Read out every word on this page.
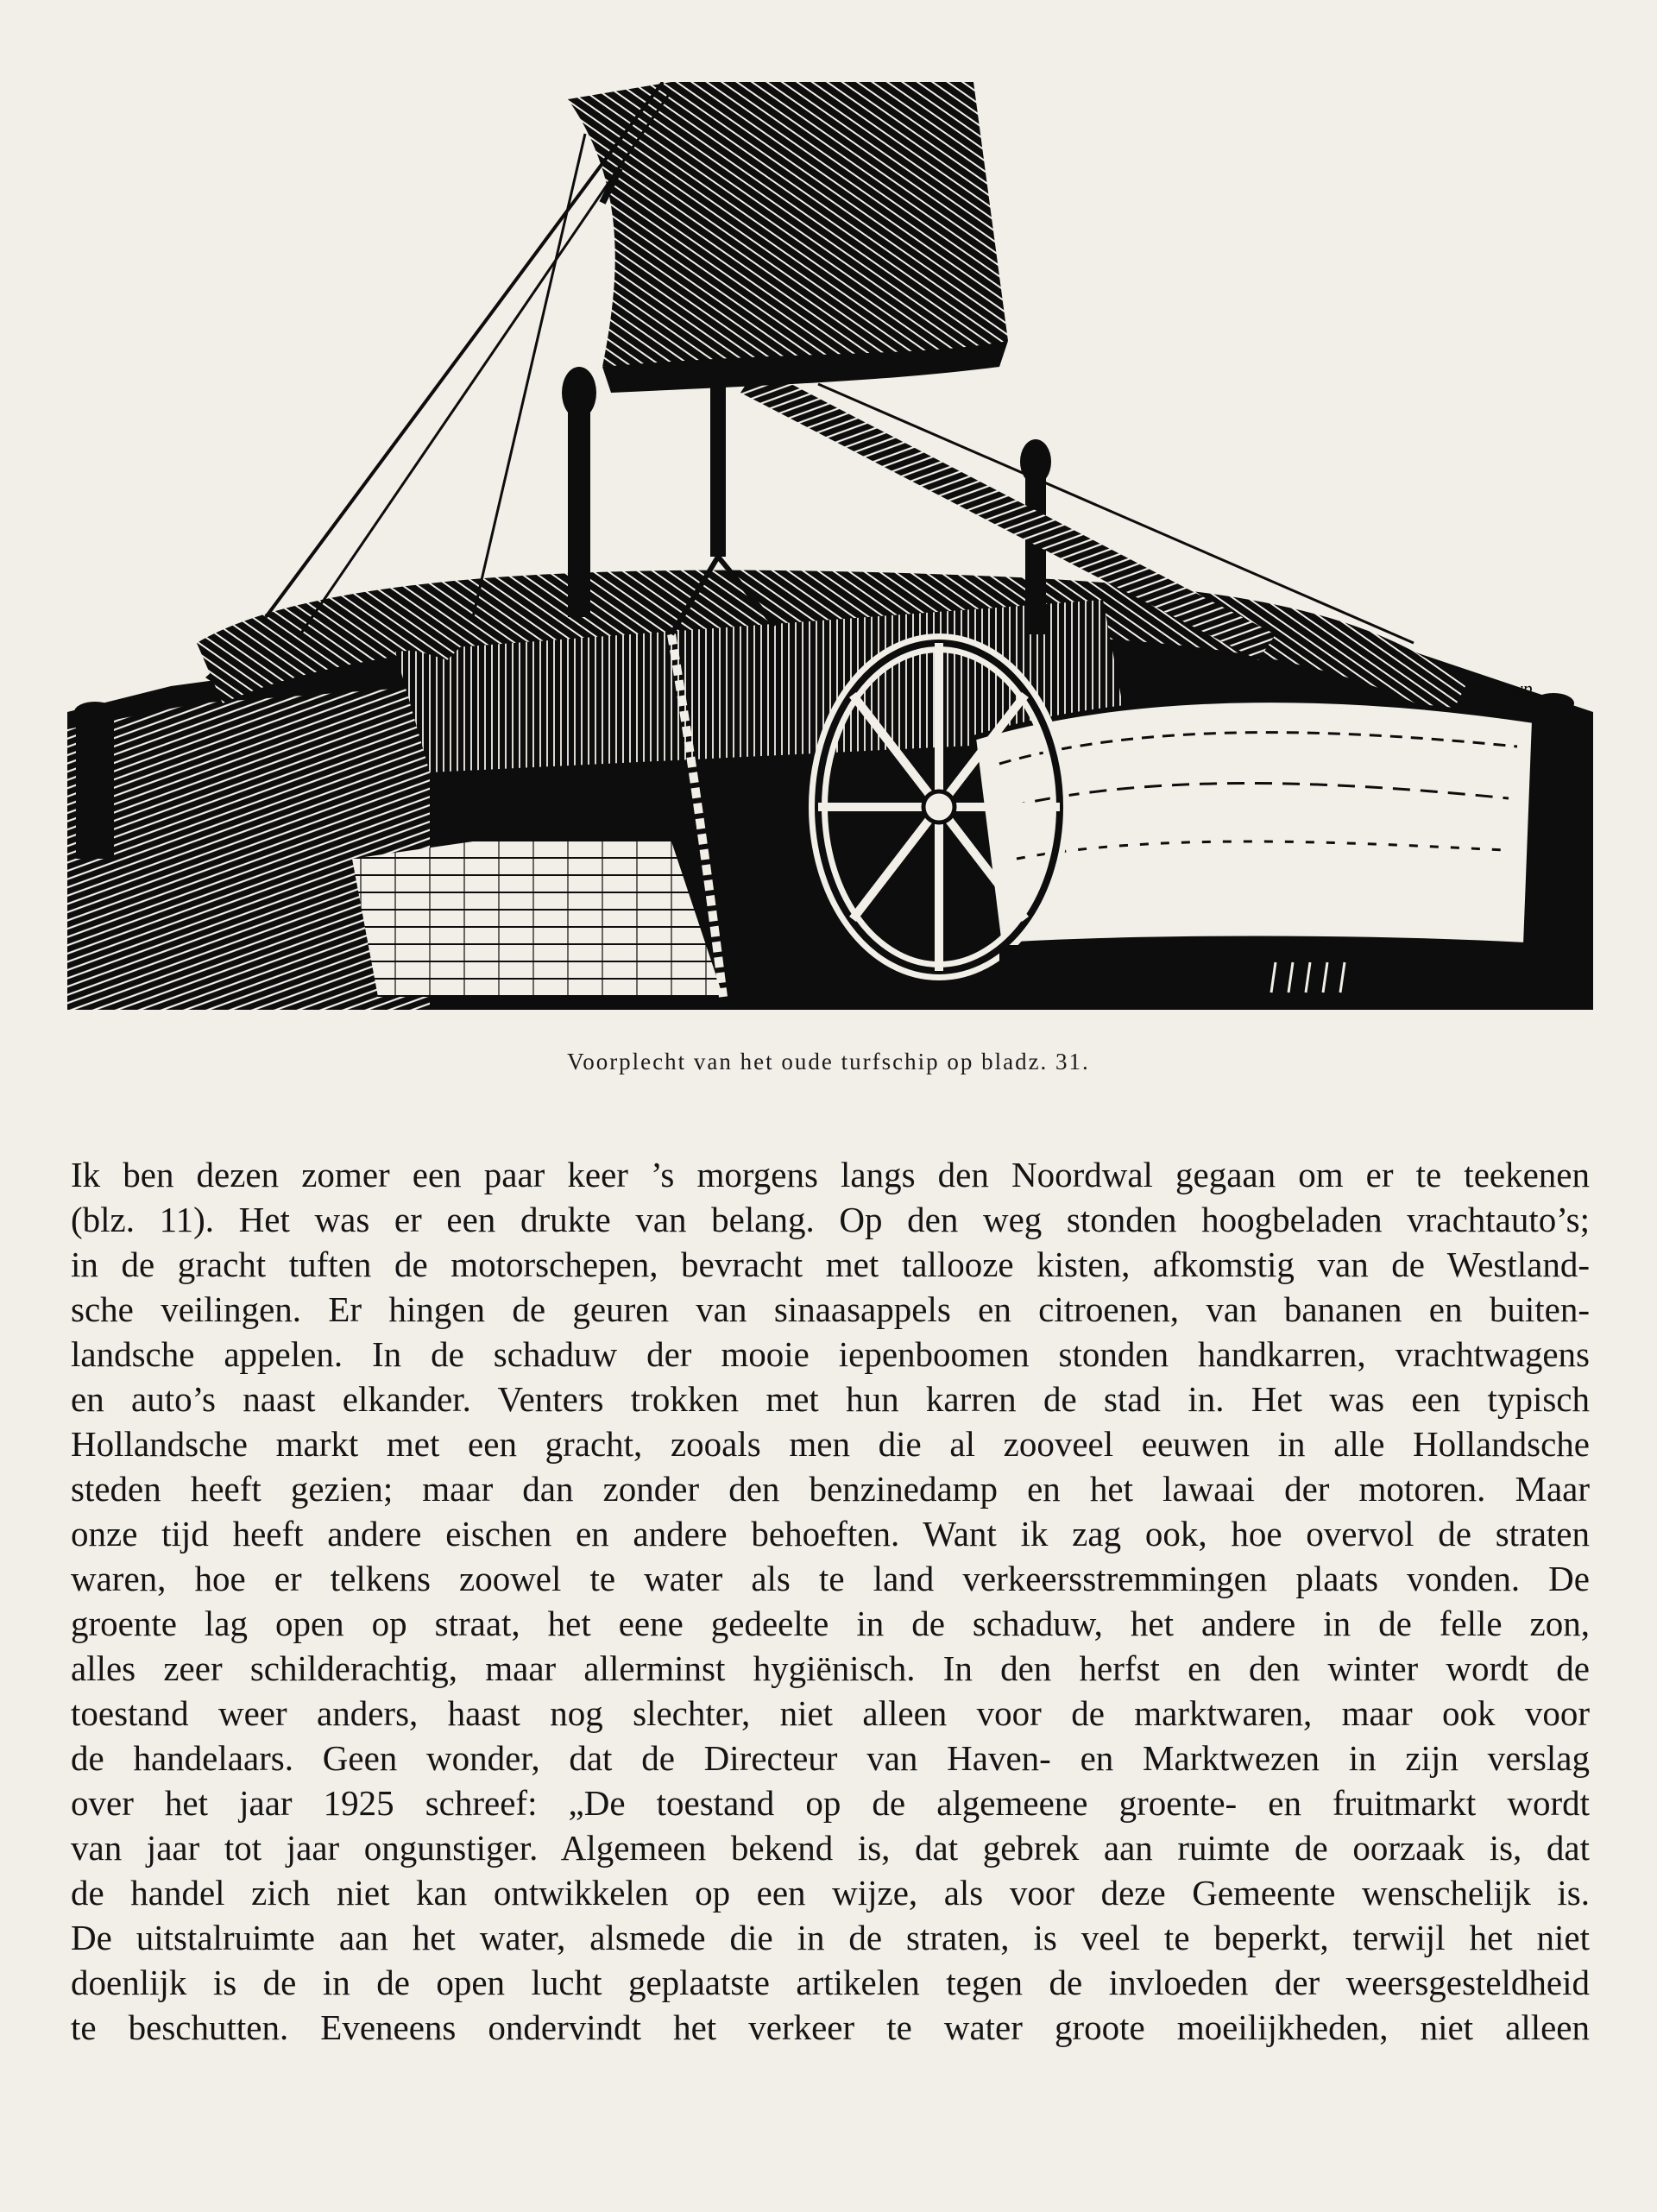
wp
Voorplecht van het oude turfschip op bladz. 31.
Ik ben dezen zomer een paar keer ’s morgens langs den Noordwal gegaan om er te teekenen
(blz. 11). Het was er een drukte van belang. Op den weg stonden hoogbeladen vrachtauto’s;
in de gracht tuften de motorschepen, bevracht met tallooze kisten, afkomstig van de Westland-
sche veilingen. Er hingen de geuren van sinaasappels en citroenen, van bananen en buiten-
landsche appelen. In de schaduw der mooie iepenboomen stonden handkarren, vrachtwagens
en auto’s naast elkander. Venters trokken met hun karren de stad in. Het was een typisch
Hollandsche markt met een gracht, zooals men die al zooveel eeuwen in alle Hollandsche
steden heeft gezien; maar dan zonder den benzinedamp en het lawaai der motoren. Maar
onze tijd heeft andere eischen en andere behoeften. Want ik zag ook, hoe overvol de straten
waren, hoe er telkens zoowel te water als te land verkeersstremmingen plaats vonden. De
groente lag open op straat, het eene gedeelte in de schaduw, het andere in de felle zon,
alles zeer schilderachtig, maar allerminst hygiënisch. In den herfst en den winter wordt de
toestand weer anders, haast nog slechter, niet alleen voor de marktwaren, maar ook voor
de handelaars. Geen wonder, dat de Directeur van Haven- en Marktwezen in zijn verslag
over het jaar 1925 schreef: „De toestand op de algemeene groente- en fruitmarkt wordt
van jaar tot jaar ongunstiger. Algemeen bekend is, dat gebrek aan ruimte de oorzaak is, dat
de handel zich niet kan ontwikkelen op een wijze, als voor deze Gemeente wenschelijk is.
De uitstalruimte aan het water, alsmede die in de straten, is veel te beperkt, terwijl het niet
doenlijk is de in de open lucht geplaatste artikelen tegen de invloeden der weersgesteldheid
te beschutten. Eveneens ondervindt het verkeer te water groote moeilijkheden, niet alleen
